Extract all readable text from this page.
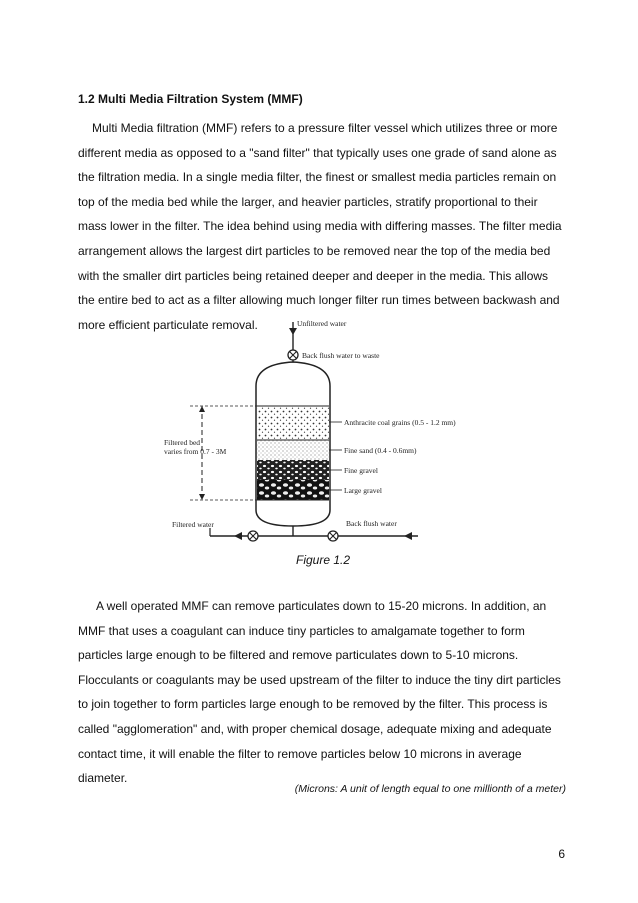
1.2 Multi Media Filtration System (MMF)

Multi Media filtration (MMF) refers to a pressure filter vessel which utilizes three or more different media as opposed to a "sand filter" that typically uses one grade of sand alone as the filtration media. In a single media filter, the finest or smallest media particles remain on top of the media bed while the larger, and heavier particles, stratify proportional to their mass lower in the filter. The idea behind using media with differing masses. The filter media arrangement allows the largest dirt particles to be removed near the top of the media bed with the smaller dirt particles being retained deeper and deeper in the media. This allows the entire bed to act as a filter allowing much longer filter run times between backwash and more efficient particulate removal.	Unfiltered water
Back flush water to waste
Anthracite coal grains (0.5 - 1.2 mm)
Fine sand (0.4 - 0.6mm)
Fine gravel
Large gravel
Filtered bed
varies from 0.7 - 3M
Filtered water	Back flush water

Figure 1.2

A well operated MMF can remove particulates down to 15-20 microns. In addition, an MMF that uses a coagulant can induce tiny particles to amalgamate together to form particles large enough to be filtered and remove particulates down to 5-10 microns. Flocculants or coagulants may be used upstream of the filter to induce the tiny dirt particles to join together to form particles large enough to be removed by the filter. This process is called "agglomeration" and, with proper chemical dosage, adequate mixing and adequate contact time, it will enable the filter to remove particles below 10 microns in average diameter.

(Microns: A unit of length equal to one millionth of a meter)

6
